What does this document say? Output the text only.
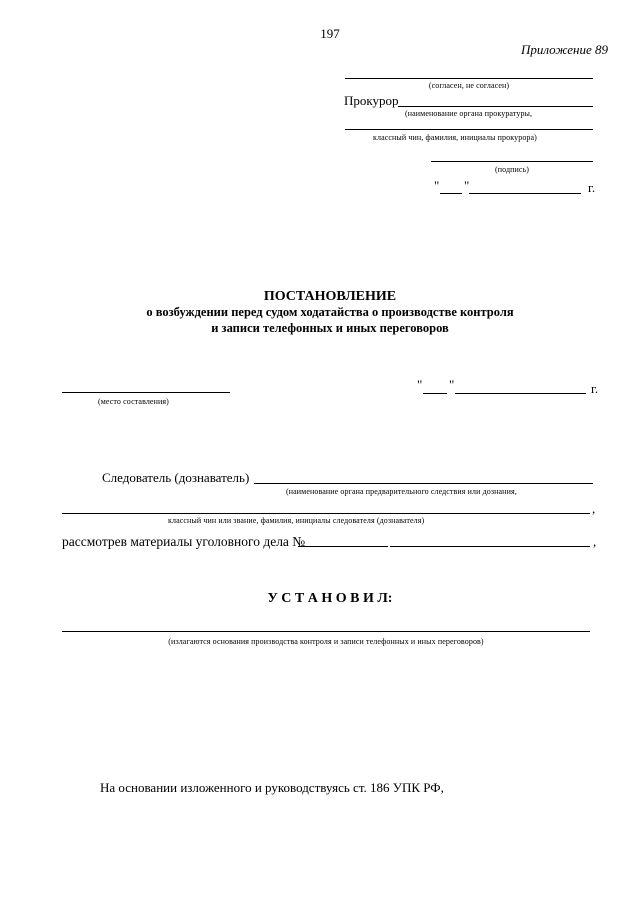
197
Приложение 89
(согласен, не согласен)
Прокурор
(наименование органа прокуратуры,
классный чин, фамилия, инициалы прокурора)
(подпись)
" "	г.
ПОСТАНОВЛЕНИЕ
о возбуждении перед судом ходатайства о производстве контроля
и записи телефонных и иных переговоров
(место составления)
" "	г.
Следователь (дознаватель)
(наименование органа предварительного следствия или дознания,
,
классный чин или звание, фамилия, инициалы следователя (дознавателя)
рассмотрев материалы уголовного дела №	,
У С Т А Н О В И Л:
(излагаются основания производства контроля и записи телефонных и иных переговоров)
На основании изложенного и руководствуясь ст. 186 УПК РФ,
